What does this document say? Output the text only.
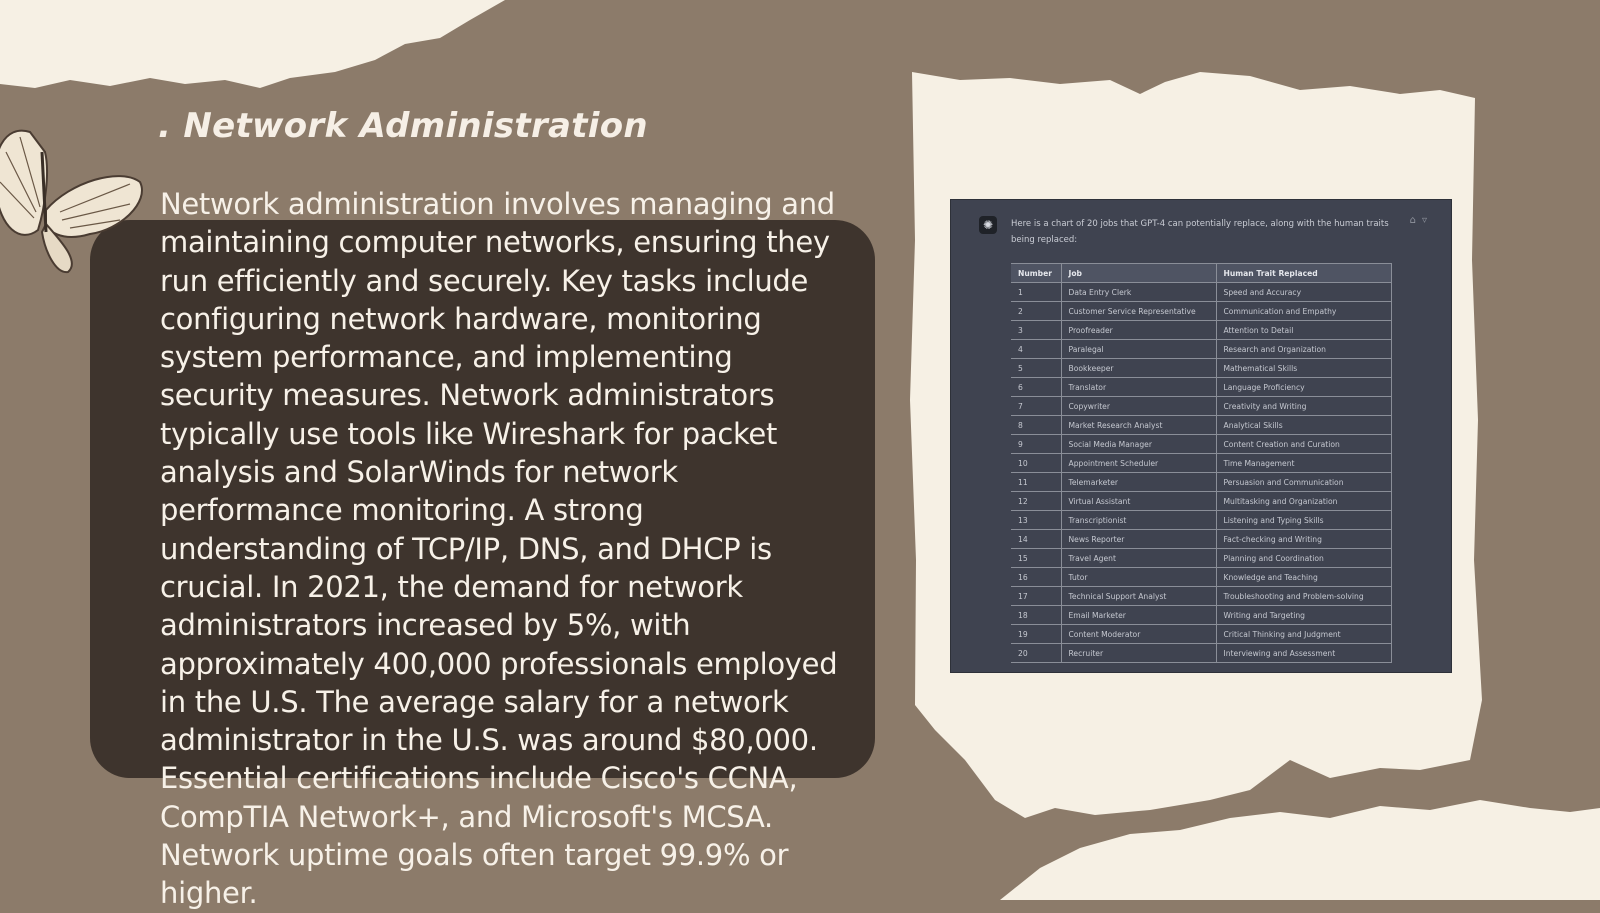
. Network Administration

Network administration involves managing and maintaining computer networks, ensuring they run efficiently and securely. Key tasks include configuring network hardware, monitoring system performance, and implementing security measures. Network administrators typically use tools like Wireshark for packet analysis and SolarWinds for network performance monitoring. A strong understanding of TCP/IP, DNS, and DHCP is crucial. In 2021, the demand for network administrators increased by 5%, with approximately 400,000 professionals employed in the U.S. The average salary for a network administrator in the U.S. was around $80,000. Essential certifications include Cisco's CCNA, CompTIA Network+, and Microsoft's MCSA. Network uptime goals often target 99.9% or higher.

✺	Here is a chart of 20 jobs that GPT-4 can potentially replace, along with the human traits being replaced:

⌂▿
Number	Job	Human Trait Replaced
1	Data Entry Clerk	Speed and Accuracy
2	Customer Service Representative	Communication and Empathy
3	Proofreader	Attention to Detail
4	Paralegal	Research and Organization
5	Bookkeeper	Mathematical Skills
6	Translator	Language Proficiency
7	Copywriter	Creativity and Writing
8	Market Research Analyst	Analytical Skills
9	Social Media Manager	Content Creation and Curation
10	Appointment Scheduler	Time Management
11	Telemarketer	Persuasion and Communication
12	Virtual Assistant	Multitasking and Organization
13	Transcriptionist	Listening and Typing Skills
14	News Reporter	Fact-checking and Writing
15	Travel Agent	Planning and Coordination
16	Tutor	Knowledge and Teaching
17	Technical Support Analyst	Troubleshooting and Problem-solving
18	Email Marketer	Writing and Targeting
19	Content Moderator	Critical Thinking and Judgment
20	Recruiter	Interviewing and Assessment
